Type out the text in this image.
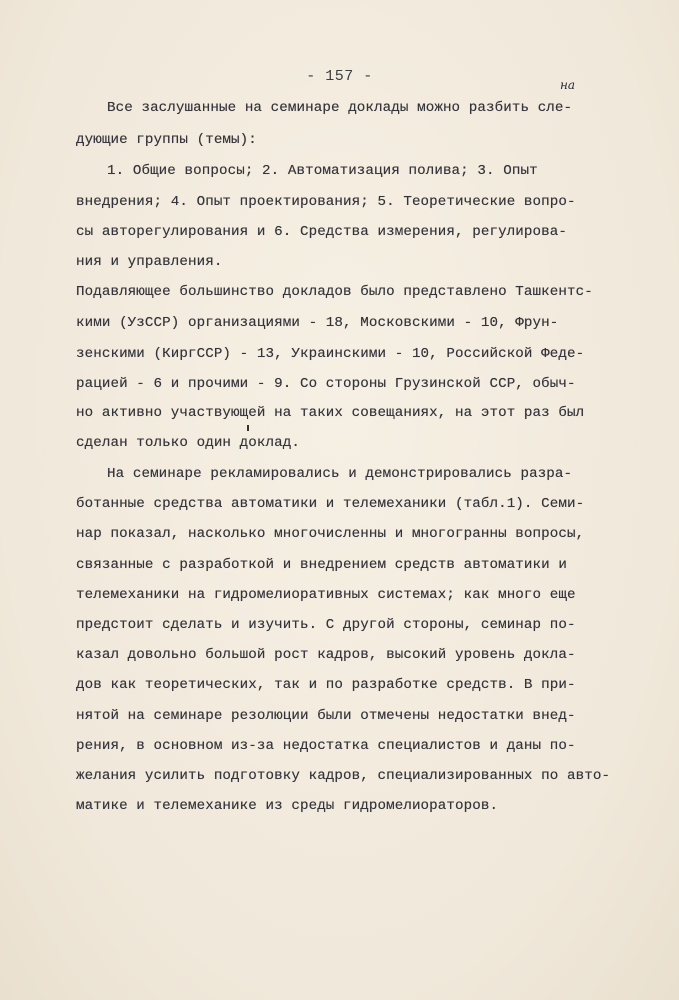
- 157 -	на
Все заслушанные на семинаре доклады можно разбить сле-
дующие группы (темы):
1. Общие вопросы; 2. Автоматизация полива; 3. Опыт
внедрения; 4. Опыт проектирования; 5. Теоретические вопро-
сы авторегулирования и 6. Средства измерения, регулирова-
ния и управления.
Подавляющее большинство докладов было представлено Ташкентс-
кими (УзССР) организациями - 18, Московскими - 10, Фрун-
зенскими (КиргССР) - 13, Украинскими - 10, Российской Феде-
рацией - 6 и прочими - 9. Со стороны Грузинской ССР, обыч-
но активно участвующей на таких совещаниях, на этот раз был
сделан только один доклад.
На семинаре рекламировались и демонстрировались разра-
ботанные средства автоматики и телемеханики (табл.1). Семи-
нар показал, насколько многочисленны и многогранны вопросы,
связанные с разработкой и внедрением средств автоматики и
телемеханики на гидромелиоративных системах; как много еще
предстоит сделать и изучить. С другой стороны, семинар по-
казал довольно большой рост кадров, высокий уровень докла-
дов как теоретических, так и по разработке средств. В при-
нятой на семинаре резолюции были отмечены недостатки внед-
рения, в основном из-за недостатка специалистов и даны по-
желания усилить подготовку кадров, специализированных по авто-
матике и телемеханике из среды гидромелиораторов.
